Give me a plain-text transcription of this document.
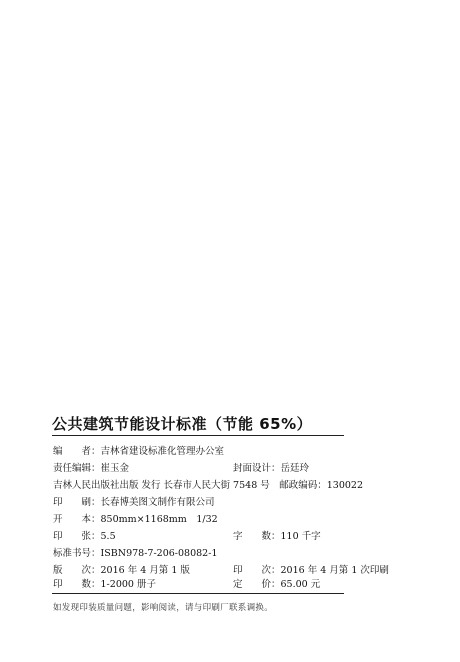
公共建筑节能设计标准（节能 65%）
编　　者：吉林省建设标准化管理办公室
责任编辑：崔玉金	封面设计：岳廷玲
吉林人民出版社出版 发行 长春市人民大街 7548 号　邮政编码：130022
印　　刷：长春博美图文制作有限公司
开　　本：850mm×1168mm　1/32
印　　张：5.5	字　　数：110 千字
标准书号：ISBN978-7-206-08082-1
版　　次：2016 年 4 月第 1 版	印　　次：2016 年 4 月第 1 次印刷
印　　数：1-2000 册子	定　　价：65.00 元
如发现印装质量问题，影响阅读，请与印刷厂联系调换。
